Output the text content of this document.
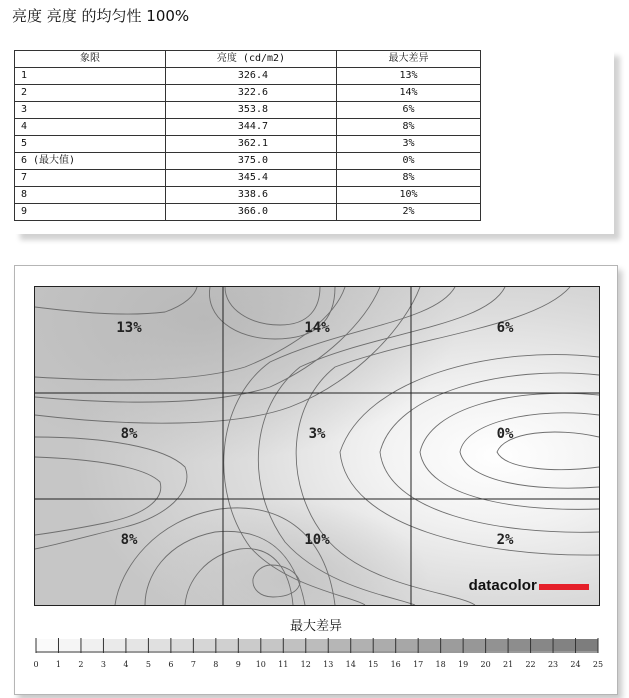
亮度 亮度 的均匀性 100%
象限	亮度 (cd/m2)	最大差异
1	326.4	13%
2	322.6	14%
3	353.8	6%
4	344.7	8%
5	362.1	3%
6 (最大值)	375.0	0%
7	345.4	8%
8	338.6	10%
9	366.0	2%
datacolor
13%	14%	6%
8%	3%	0%
8%	10%	2%
最大差异
0	1	2	3	4	5	6	7	8	9	10	11	12	13	14	15	16	17	18	19	20	21	22	23	24	25
